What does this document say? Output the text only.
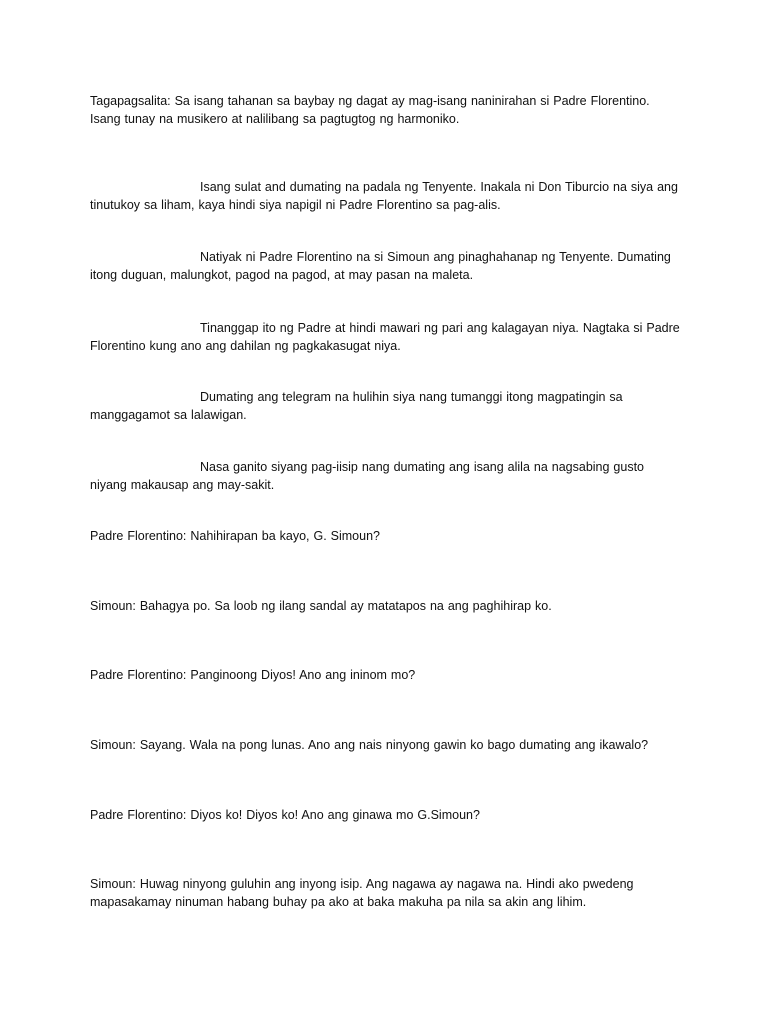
Tagapagsalita: Sa isang tahanan sa baybay ng dagat ay mag-isang naninirahan si Padre Florentino. Isang tunay na musikero at nalilibang sa pagtugtog ng harmoniko.

Isang sulat and dumating na padala ng Tenyente. Inakala ni Don Tiburcio na siya ang tinutukoy sa liham, kaya hindi siya napigil ni Padre Florentino sa pag-alis.

Natiyak ni Padre Florentino na si Simoun ang pinaghahanap ng Tenyente. Dumating itong duguan, malungkot, pagod na pagod, at may pasan na maleta.

Tinanggap ito ng Padre at hindi mawari ng pari ang kalagayan niya. Nagtaka si Padre Florentino kung ano ang dahilan ng pagkakasugat niya.

Dumating ang telegram na hulihin siya nang tumanggi itong magpatingin sa manggagamot sa lalawigan.

Nasa ganito siyang pag-iisip nang dumating ang isang alila na nagsabing gusto niyang makausap ang may-sakit.

Padre Florentino: Nahihirapan ba kayo, G. Simoun?

Simoun: Bahagya po. Sa loob ng ilang sandal ay matatapos na ang paghihirap ko.

Padre Florentino: Panginoong Diyos! Ano ang ininom mo?

Simoun: Sayang. Wala na pong lunas. Ano ang nais ninyong gawin ko bago dumating ang ikawalo?

Padre Florentino: Diyos ko! Diyos ko! Ano ang ginawa mo G.Simoun?

Simoun: Huwag ninyong guluhin ang inyong isip. Ang nagawa ay nagawa na. Hindi ako pwedeng mapasakamay ninuman habang buhay pa ako at baka makuha pa nila sa akin ang lihim.
